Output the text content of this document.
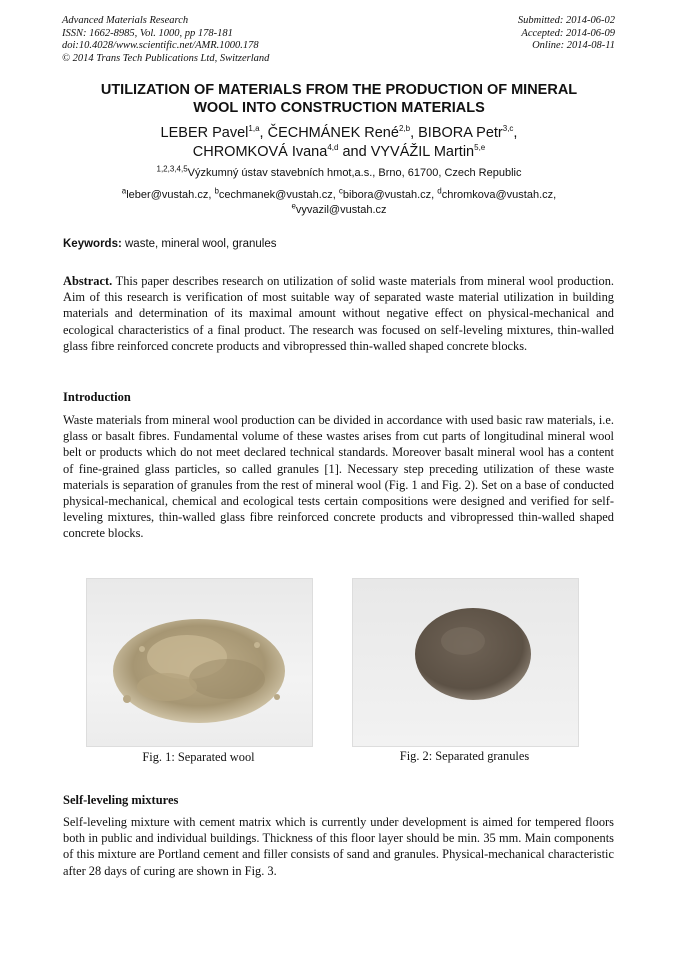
Advanced Materials Research
ISSN: 1662-8985, Vol. 1000, pp 178-181
doi:10.4028/www.scientific.net/AMR.1000.178
© 2014 Trans Tech Publications Ltd, Switzerland
Submitted: 2014-06-02
Accepted: 2014-06-09
Online: 2014-08-11
UTILIZATION OF MATERIALS FROM THE PRODUCTION OF MINERAL
WOOL INTO CONSTRUCTION MATERIALS
LEBER Pavel$^{1,a}$, ČECHMÁNEK René$^{2,b}$, BIBORA Petr$^{3,c}$,
CHROMKOVÁ Ivana$^{4,d}$ and VYVÁŽIL Martin$^{5,e}$
$^{1,2,3,4,5}$Výzkumný ústav stavebních hmot,a.s., Brno, 61700, Czech Republic
$^a$leber@vustah.cz, $^b$cechmanek@vustah.cz, $^c$bibora@vustah.cz, $^d$chromkova@vustah.cz,
$^e$vyvazil@vustah.cz
Keywords: waste, mineral wool, granules
Abstract. This paper describes research on utilization of solid waste materials from mineral wool production. Aim of this research is verification of most suitable way of separated waste material utilization in building materials and determination of its maximal amount without negative effect on physical-mechanical and ecological characteristics of a final product. The research was focused on self-leveling mixtures, thin-walled glass fibre reinforced concrete products and vibropressed thin-walled shaped concrete blocks.
Introduction
Waste materials from mineral wool production can be divided in accordance with used basic raw materials, i.e. glass or basalt fibres. Fundamental volume of these wastes arises from cut parts of longitudinal mineral wool belt or products which do not meet declared technical standards. Moreover basalt mineral wool has a content of fine-grained glass particles, so called granules [1]. Necessary step preceding utilization of these waste materials is separation of granules from the rest of mineral wool (Fig. 1 and Fig. 2). Set on a base of conducted physical-mechanical, chemical and ecological tests certain compositions were designed and verified for self-leveling mixtures, thin-walled glass fibre reinforced concrete products and vibropressed thin-walled shaped concrete blocks.
Fig. 1: Separated wool	Fig. 2: Separated granules
Self-leveling mixtures
Self-leveling mixture with cement matrix which is currently under development is aimed for tempered floors both in public and individual buildings. Thickness of this floor layer should be min. 35 mm. Main components of this mixture are Portland cement and filler consists of sand and granules. Physical-mechanical characteristic after 28 days of curing are shown in Fig. 3.
